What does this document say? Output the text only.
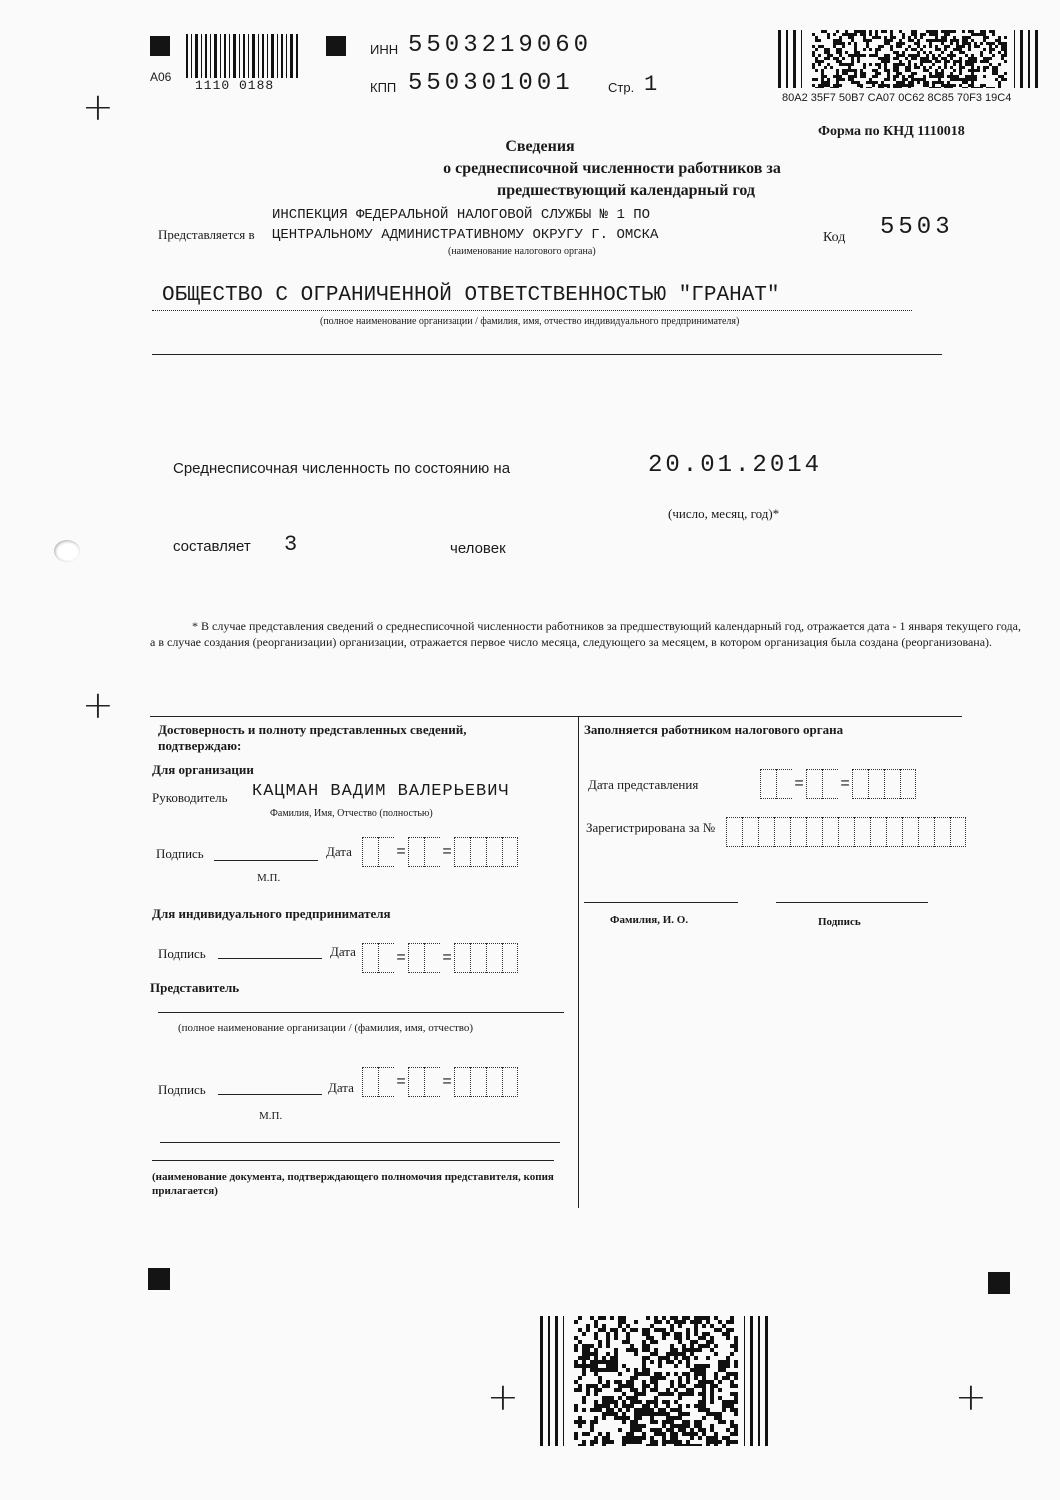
+
+
+	+
А06
1110 0188
ИНН 5503219060
КПП 550301001	Стр. 1
80A2 35F7 50B7 CA07 0C62 8C85 70F3 19C4
Форма по КНД 1110018
Сведения
о среднесписочной численности работников за
предшествующий календарный год
ИНСПЕКЦИЯ ФЕДЕРАЛЬНОЙ НАЛОГОВОЙ СЛУЖБЫ № 1 ПО
Представляется в ЦЕНТРАЛЬНОМУ АДМИНИСТРАТИВНОМУ ОКРУГУ Г. ОМСКА
(наименование налогового органа)
Код 5503
ОБЩЕСТВО С ОГРАНИЧЕННОЙ ОТВЕТСТВЕННОСТЬЮ "ГРАНАТ"
(полное наименование организации / фамилия, имя, отчество индивидуального предпринимателя)
Среднесписочная численность по состоянию на	20.01.2014
(число, месяц, год)*
составляет 3	человек
* В случае представления сведений о среднесписочной численности работников за предшествующий календарный год, отражается дата - 1 января текущего года, а в случае создания (реорганизации) организации, отражается первое число месяца, следующего за месяцем, в котором организация была создана (реорганизована).
Достоверность и полноту представленных сведений, подтверждаю:
Для организации
Руководитель КАЦМАН ВАДИМ ВАЛЕРЬЕВИЧ
Фамилия, Имя, Отчество (полностью)
Подпись	Дата	= =
М.П.
Для индивидуального предпринимателя
Подпись	Дата	= =
Представитель
(полное наименование организации / (фамилия, имя, отчество)
Подпись	Дата	= =
М.П.
(наименование документа, подтверждающего полномочия представителя, копия прилагается)
Заполняется работником налогового органа
Дата представления	= =
Зарегистрирована за №
Фамилия, И. О.	Подпись
